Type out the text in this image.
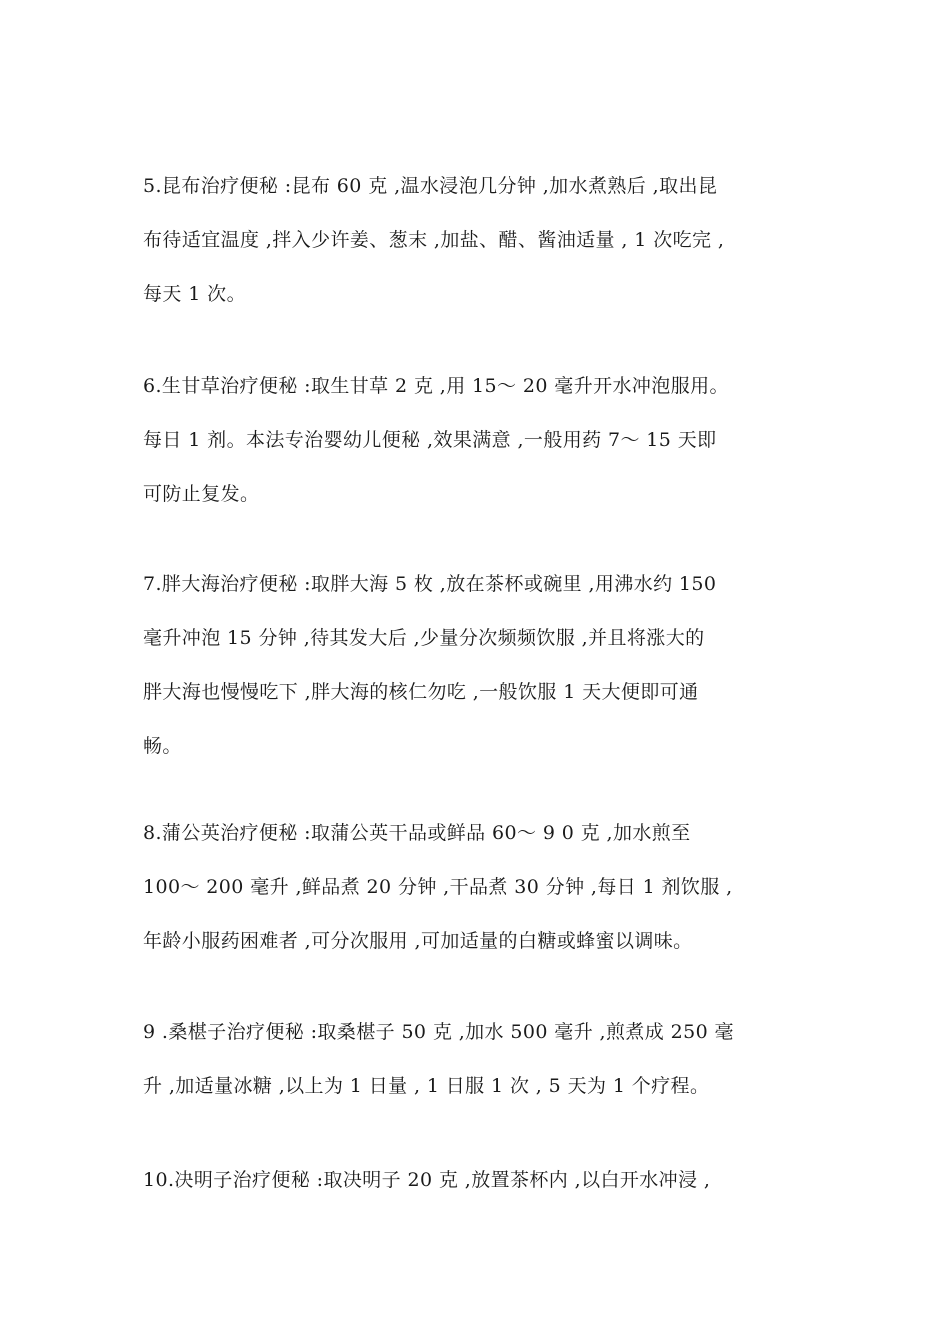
5.昆布治疗便秘 :昆布 60 克 ,温水浸泡几分钟 ,加水煮熟后 ,取出昆
布待适宜温度 ,拌入少许姜、葱末 ,加盐、醋、酱油适量 , 1 次吃完 ,
每天 1 次。
6.生甘草治疗便秘 :取生甘草 2 克 ,用 15～ 20 毫升开水冲泡服用。
每日 1 剂。本法专治婴幼儿便秘 ,效果满意 ,一般用药 7～ 15 天即
可防止复发。
7.胖大海治疗便秘 :取胖大海 5 枚 ,放在茶杯或碗里 ,用沸水约 150
毫升冲泡 15 分钟 ,待其发大后 ,少量分次频频饮服 ,并且将涨大的
胖大海也慢慢吃下 ,胖大海的核仁勿吃 ,一般饮服 1 天大便即可通
畅。
8.蒲公英治疗便秘 :取蒲公英干品或鲜品 60～ 9 0 克 ,加水煎至
100～ 200 毫升 ,鲜品煮 20 分钟 ,干品煮 30 分钟 ,每日 1 剂饮服 ,
年龄小服药困难者 ,可分次服用 ,可加适量的白糖或蜂蜜以调味。
9 .桑椹子治疗便秘 :取桑椹子 50 克 ,加水 500 毫升 ,煎煮成 250 毫
升 ,加适量冰糖 ,以上为 1 日量 , 1 日服 1 次 , 5 天为 1 个疗程。
10.决明子治疗便秘 :取决明子 20 克 ,放置茶杯内 ,以白开水冲浸 ,
